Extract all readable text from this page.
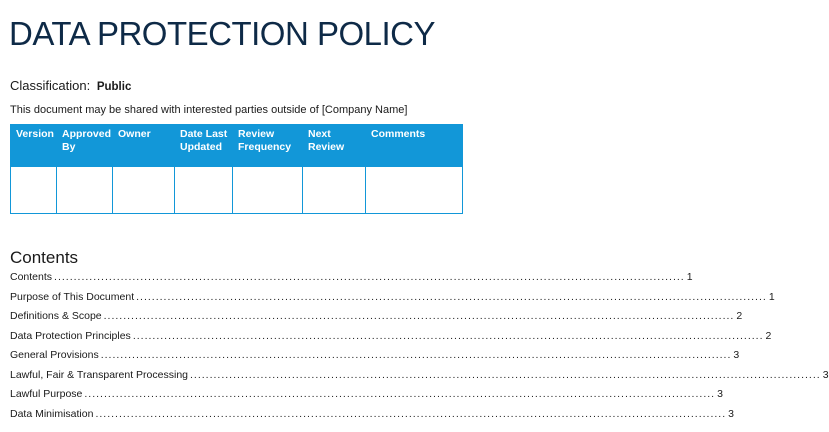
DATA PROTECTION POLICY
Classification: Public
This document may be shared with interested parties outside of [Company Name]
Version	Approved By	Owner	Date Last Updated	Review Frequency	Next Review	Comments

Contents
Contents ................................................................................................................................................................. 1
Purpose of This Document ................................................................................................................................................................. 1
Definitions & Scope ................................................................................................................................................................. 2
Data Protection Principles ................................................................................................................................................................. 2
General Provisions ................................................................................................................................................................. 3
Lawful, Fair & Transparent Processing ................................................................................................................................................................. 3
Lawful Purpose ................................................................................................................................................................. 3
Data Minimisation ................................................................................................................................................................. 3
